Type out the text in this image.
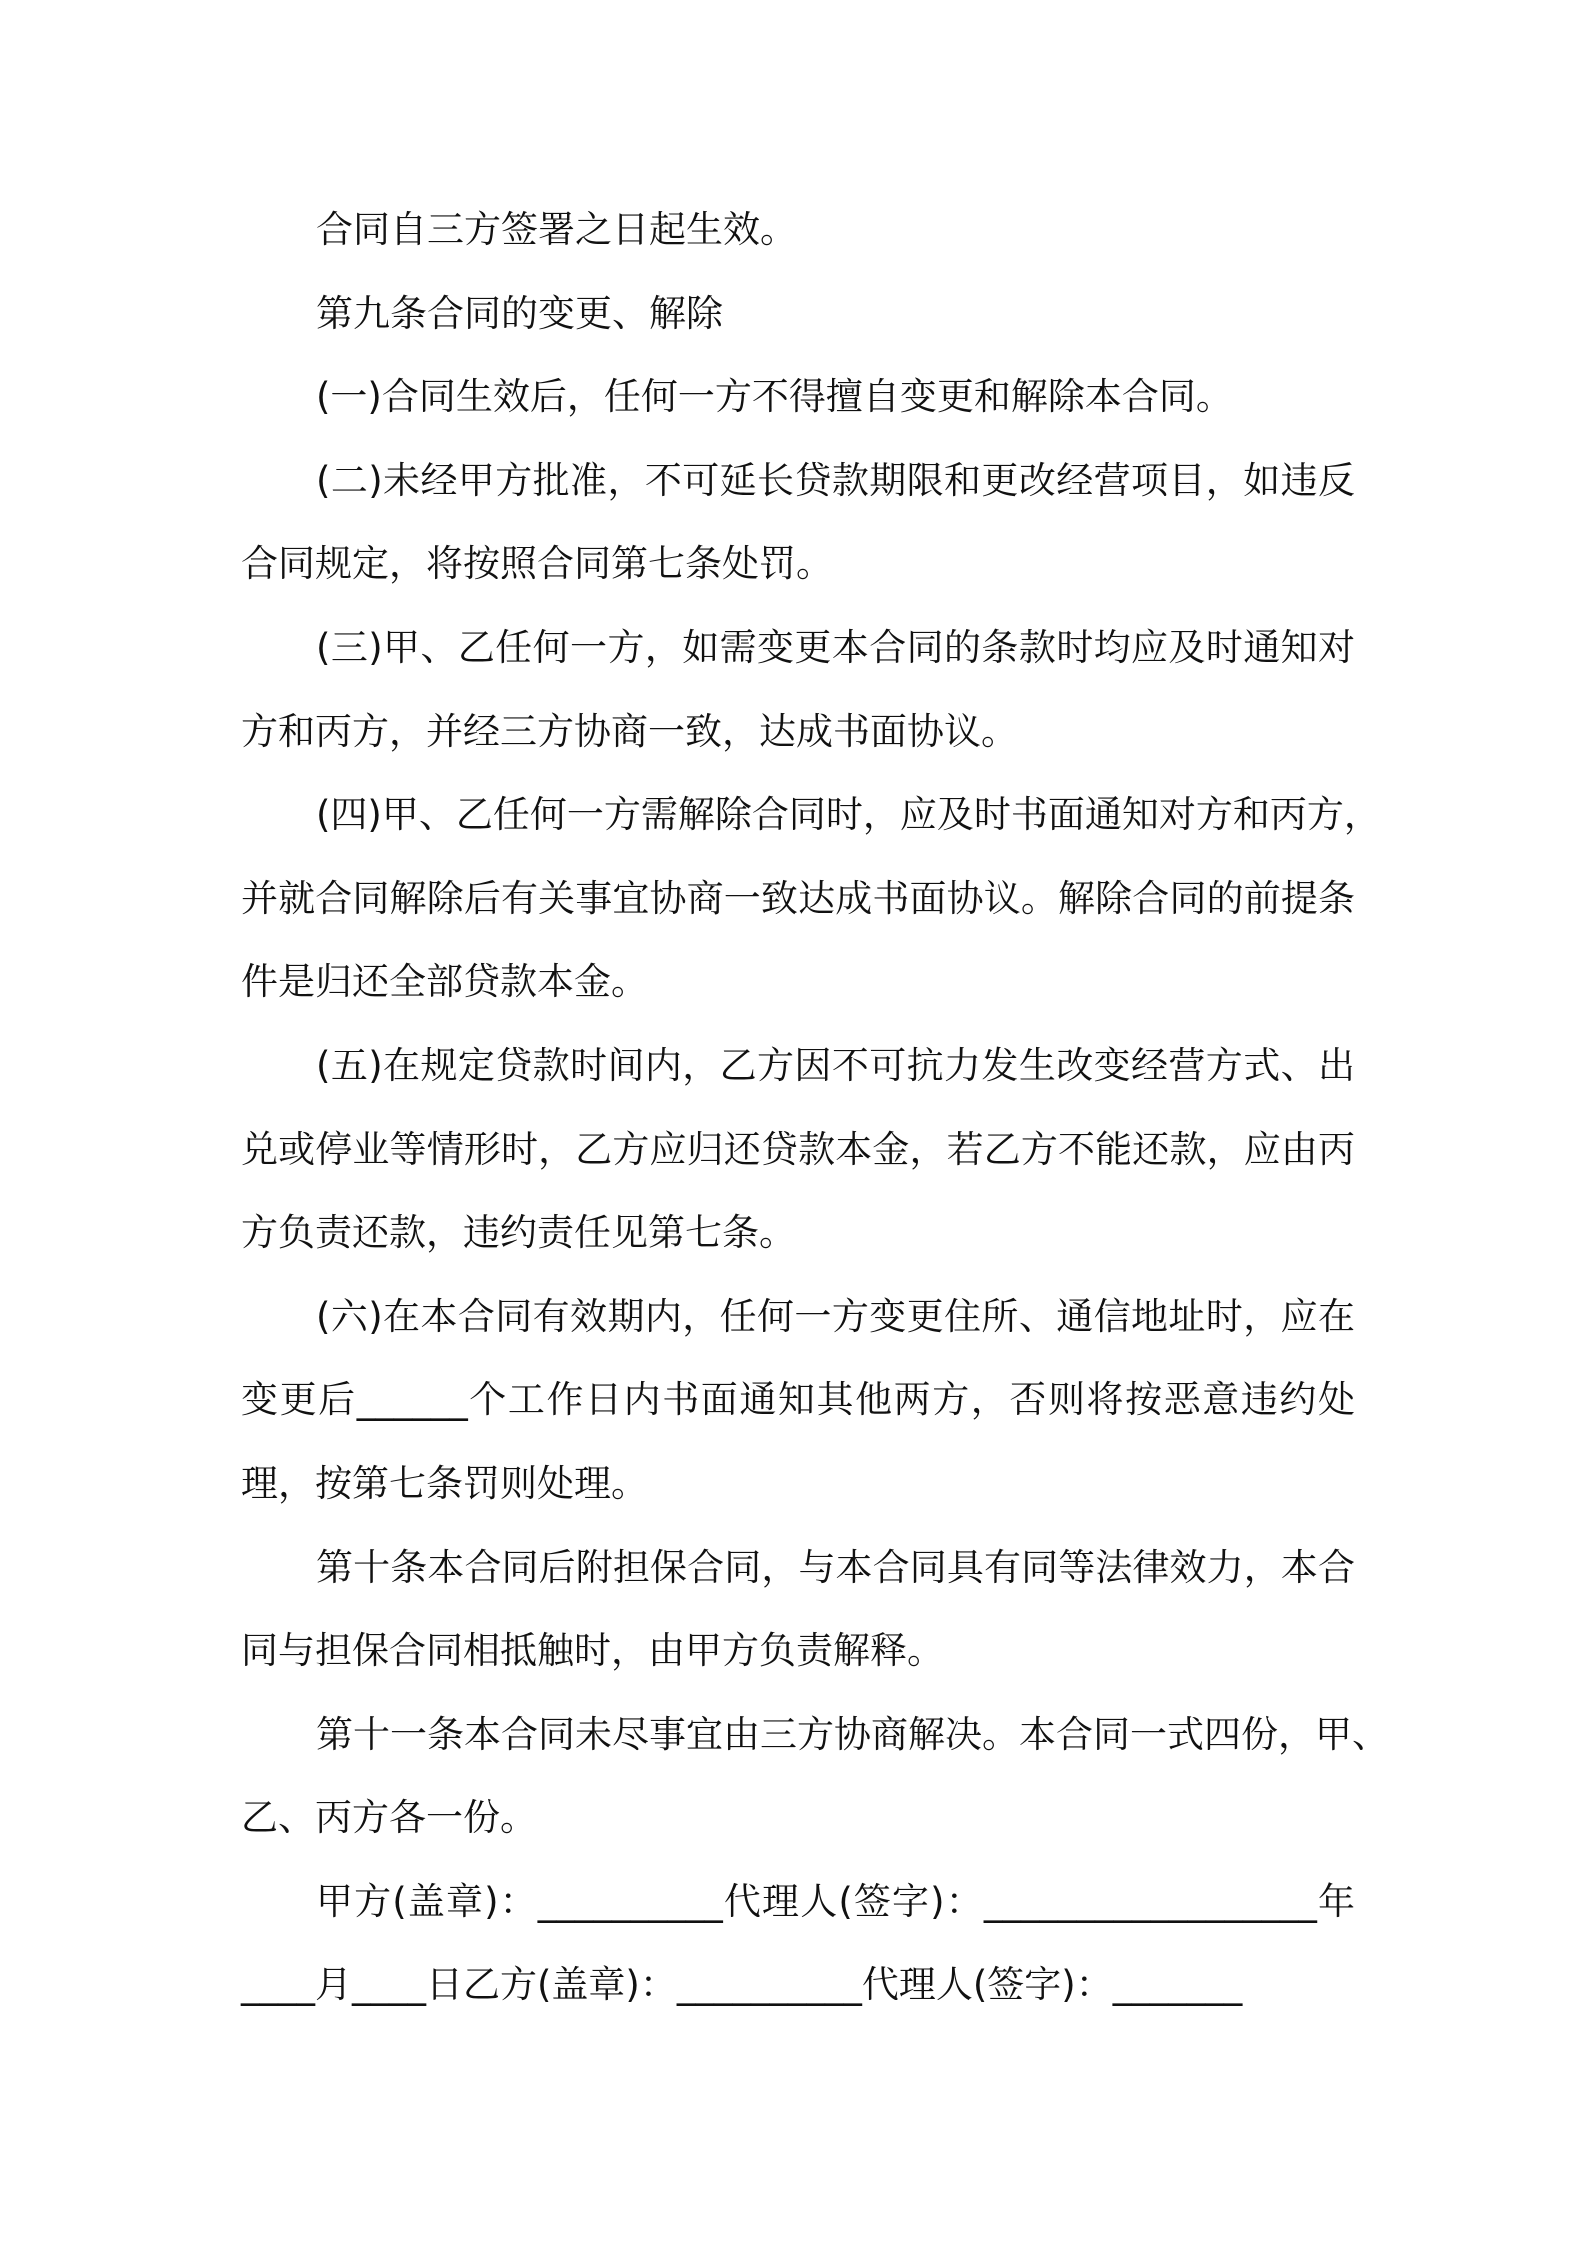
合同自三方签署之日起生效。
第九条合同的变更、解除
(一)合同生效后，任何一方不得擅自变更和解除本合同。
(二)未经甲方批准，不可延长贷款期限和更改经营项目，如违反
合同规定，将按照合同第七条处罚。
(三)甲、乙任何一方，如需变更本合同的条款时均应及时通知对
方和丙方，并经三方协商一致，达成书面协议。
(四)甲、乙任何一方需解除合同时，应及时书面通知对方和丙方，
并就合同解除后有关事宜协商一致达成书面协议。解除合同的前提条
件是归还全部贷款本金。
(五)在规定贷款时间内，乙方因不可抗力发生改变经营方式、出
兑或停业等情形时，乙方应归还贷款本金，若乙方不能还款，应由丙
方负责还款，违约责任见第七条。
(六)在本合同有效期内，任何一方变更住所、通信地址时，应在
变更后______个工作日内书面通知其他两方，否则将按恶意违约处
理，按第七条罚则处理。
第十条本合同后附担保合同，与本合同具有同等法律效力，本合
同与担保合同相抵触时，由甲方负责解释。
第十一条本合同未尽事宜由三方协商解决。本合同一式四份，甲、
乙、丙方各一份。
甲方(盖章)：__________代理人(签字)：__________________年
____月____日乙方(盖章)：__________代理人(签字)：_______
